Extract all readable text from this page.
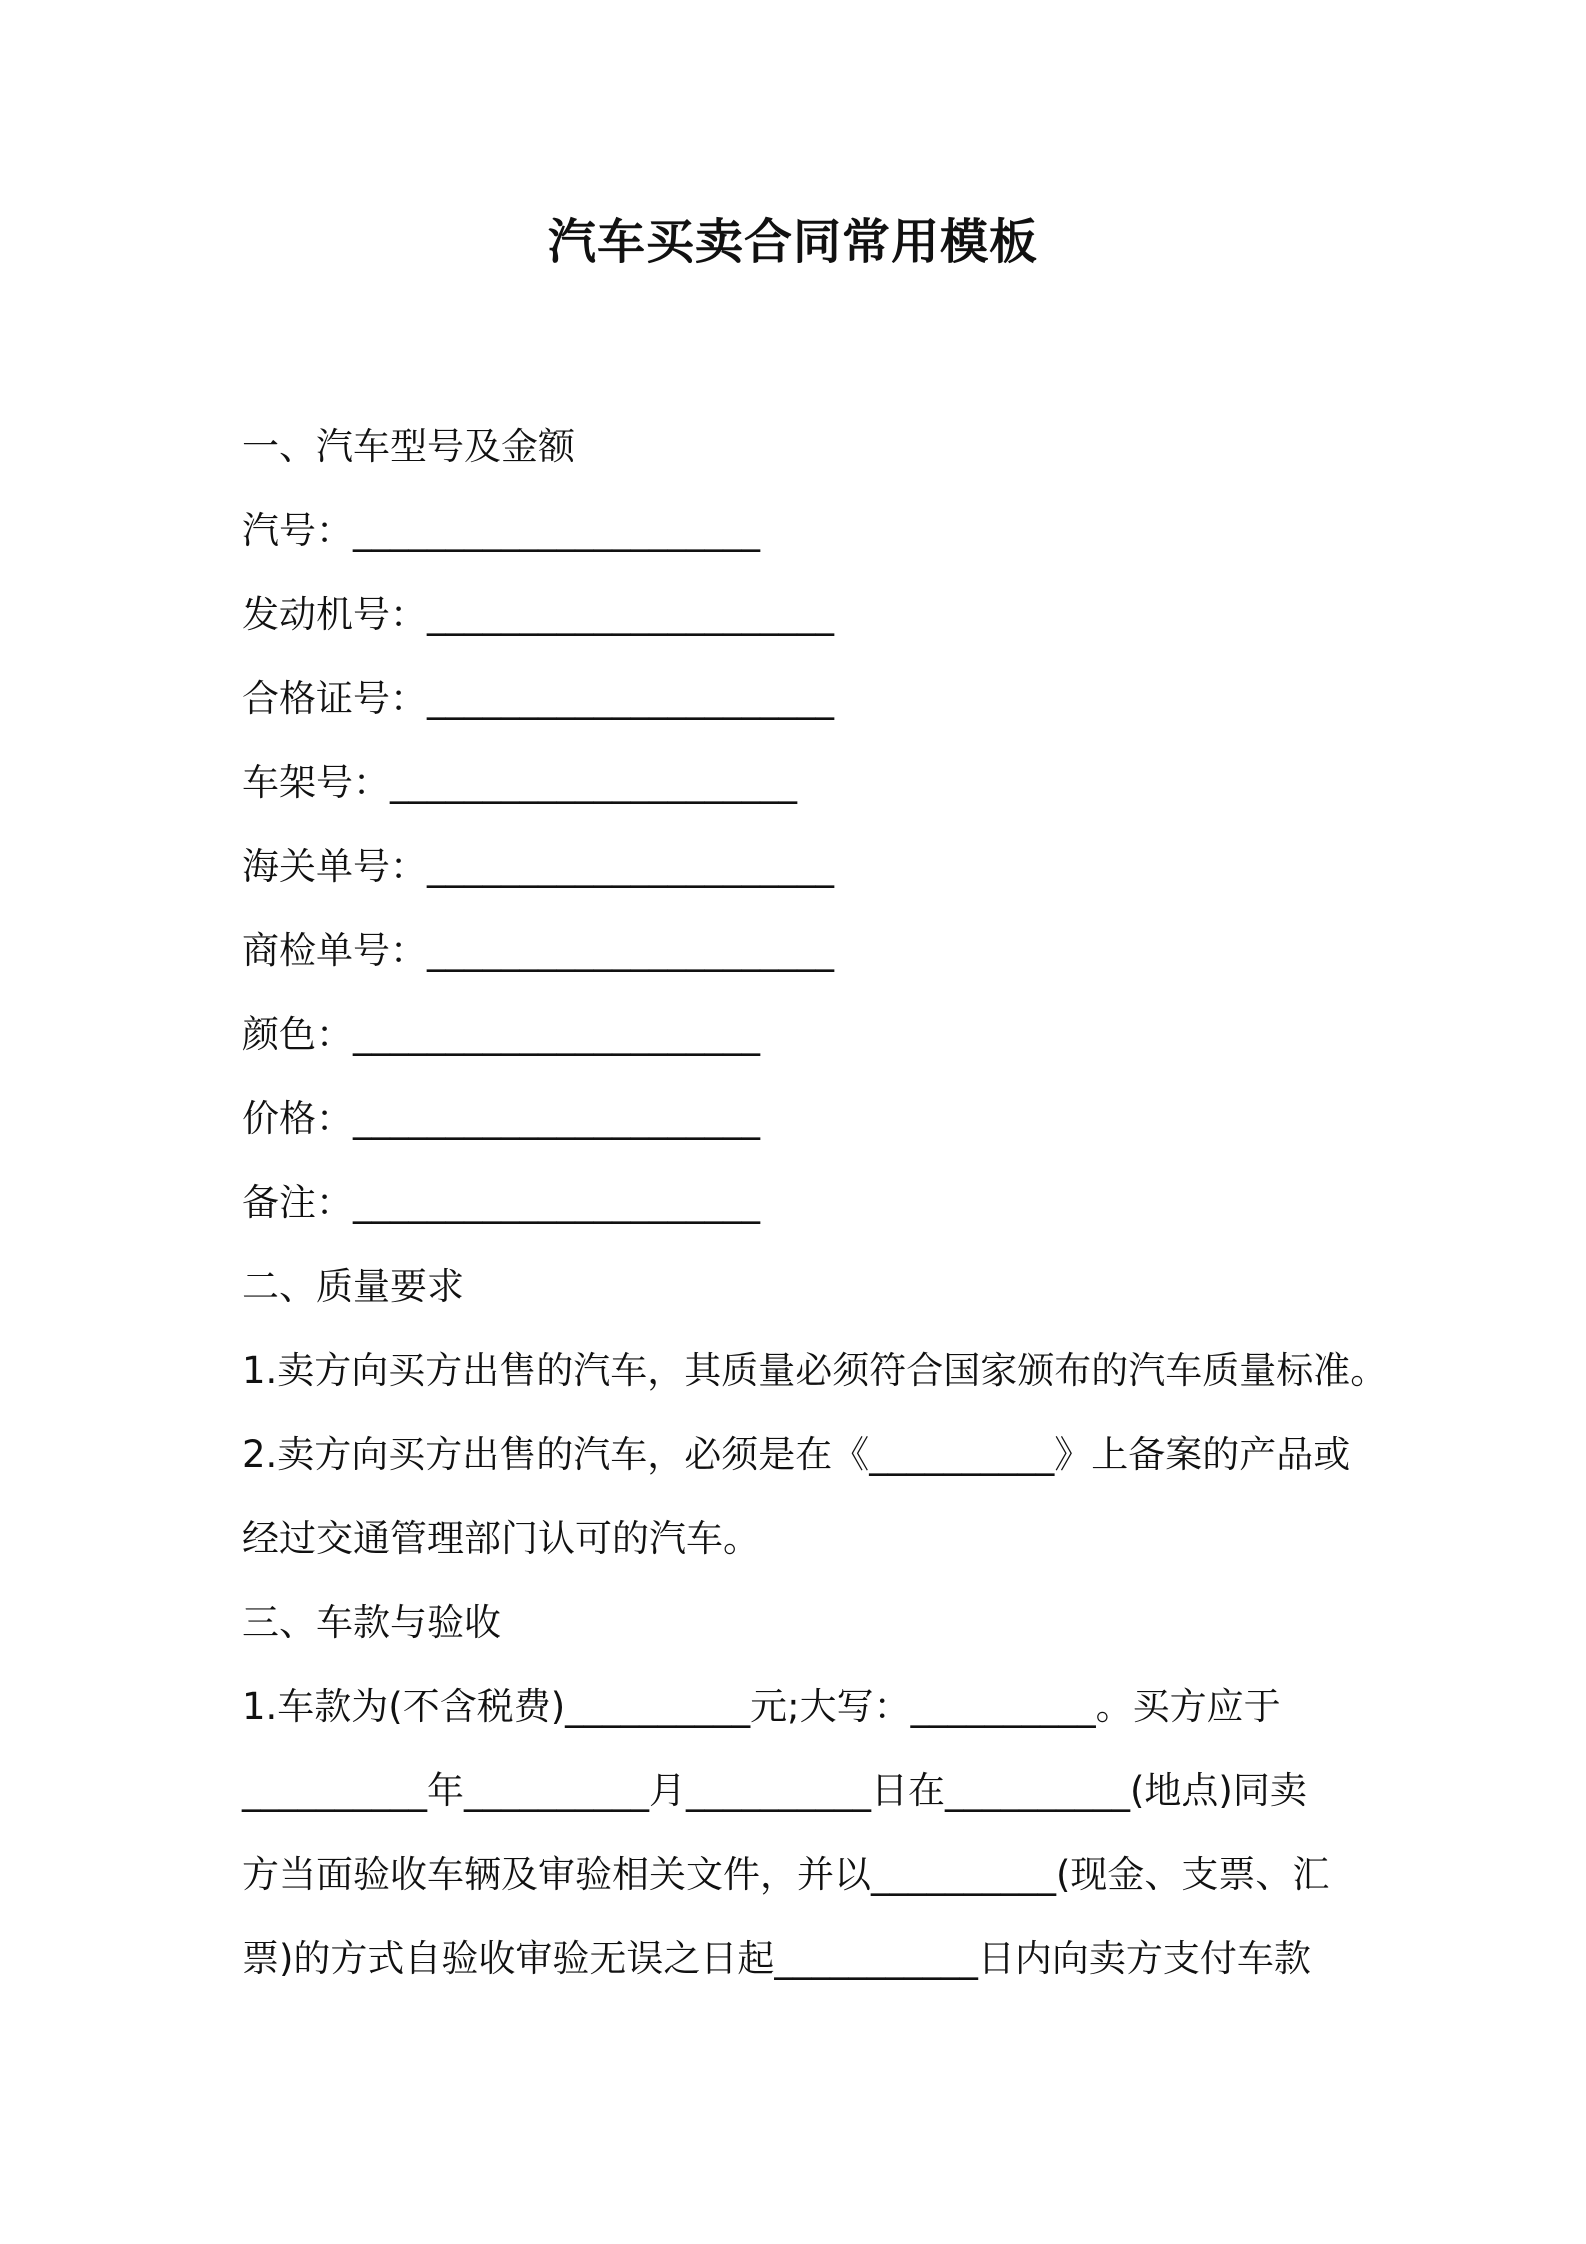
汽车买卖合同常用模板
一、汽车型号及金额
汽号：______________________
发动机号：______________________
合格证号：______________________
车架号：______________________
海关单号：______________________
商检单号：______________________
颜色：______________________
价格：______________________
备注：______________________
二、质量要求
1.卖方向买方出售的汽车，其质量必须符合国家颁布的汽车质量标准。
2.卖方向买方出售的汽车，必须是在《__________》上备案的产品或
经过交通管理部门认可的汽车。
三、车款与验收
1.车款为(不含税费)__________元;大写：__________。买方应于
__________年__________月__________日在__________(地点)同卖
方当面验收车辆及审验相关文件，并以__________(现金、支票、汇
票)的方式自验收审验无误之日起___________日内向卖方支付车款
